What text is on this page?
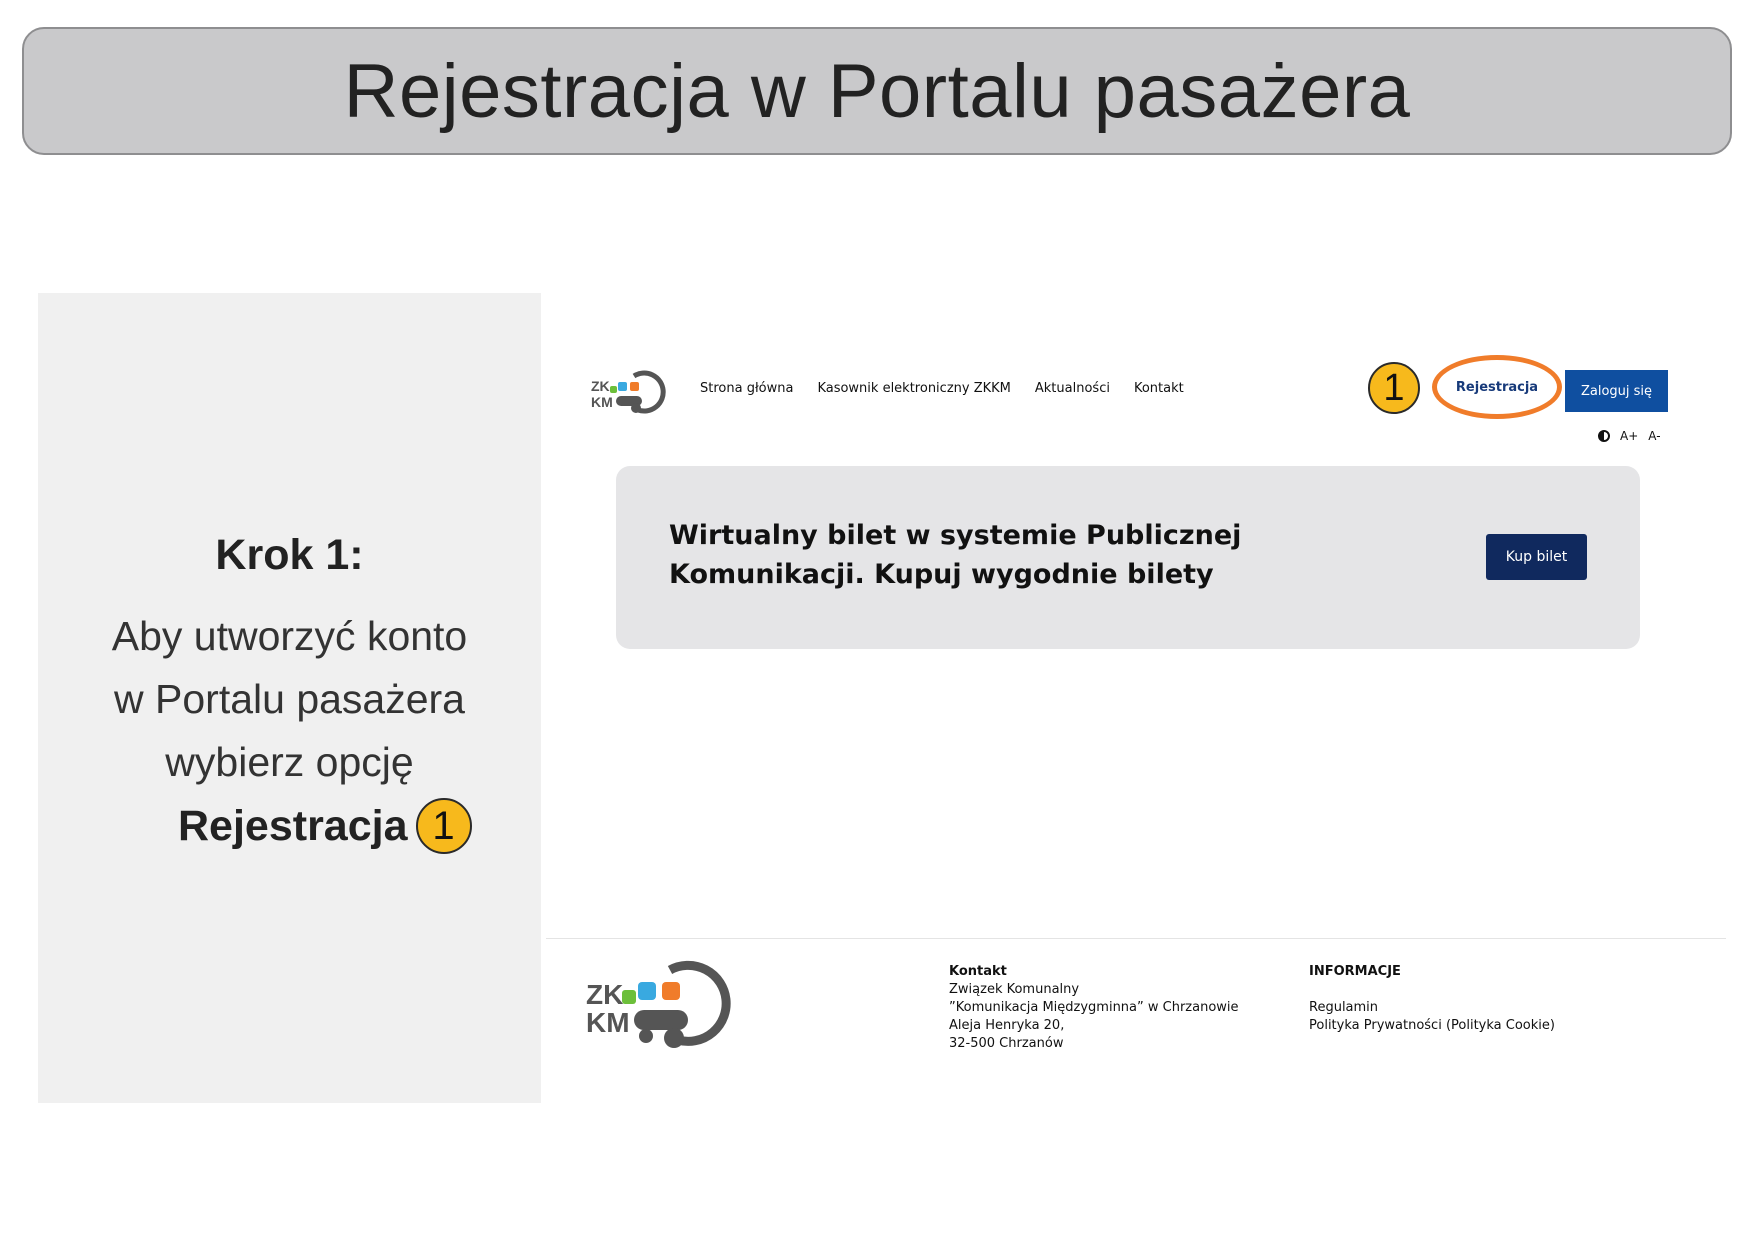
Rejestracja w Portalu pasażera
Krok 1:
Aby utworzyć konto
w Portalu pasażera
wybierz opcję
Rejestracja 1
ZK
KM
Strona główna Kasownik elektroniczny ZKKM Aktualności Kontakt	1	Rejestracja	Zaloguj się
A+ A-
Wirtualny bilet w systemie Publicznej
Komunikacji. Kupuj wygodnie bilety
Kup bilet
ZK
KM
Kontakt
Związek Komunalny
”Komunikacja Międzygminna” w Chrzanowie
Aleja Henryka 20,
32-500 Chrzanów
INFORMACJE
Regulamin
Polityka Prywatności (Polityka Cookie)
